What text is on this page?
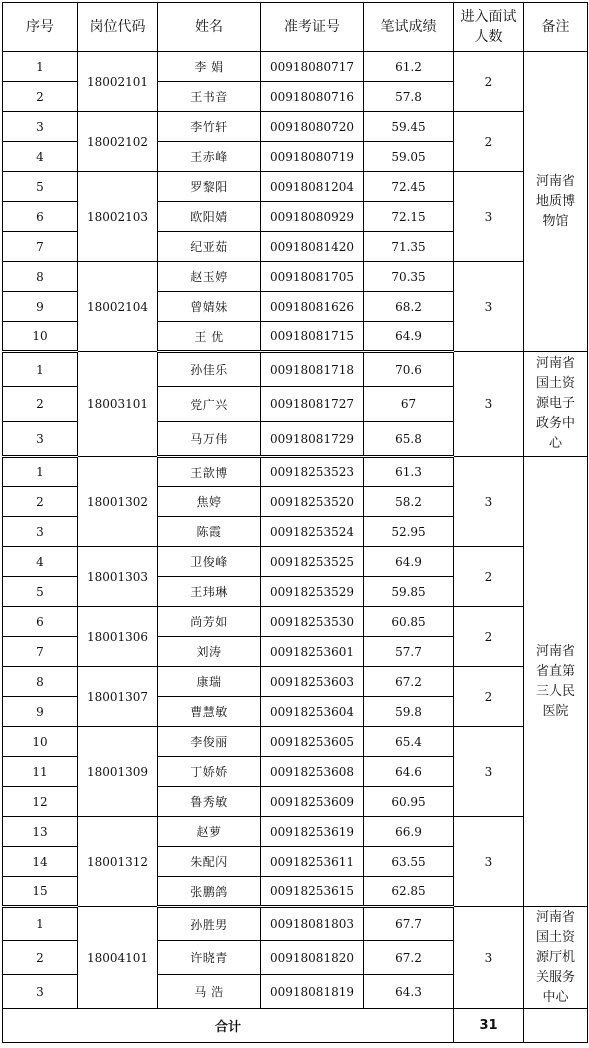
序号	岗位代码	姓名	准考证号	笔试成绩	进入面试人数	备注
1	18002101	李 娟	00918080717	61.2	2	河南省地质博物馆
2		王书音	00918080716	57.8		
3	18002102	李竹轩	00918080720	59.45	2	
4		王赤峰	00918080719	59.05		
5	18002103	罗黎阳	00918081204	72.45	3	
6		欧阳婧	00918080929	72.15		
7		纪亚茹	00918081420	71.35		
8	18002104	赵玉婷	00918081705	70.35	3	
9		曾婧妹	00918081626	68.2		
10		王 优	00918081715	64.9		
1	18003101	孙佳乐	00918081718	70.6	3	河南省国土资源电子政务中心
2		党广兴	00918081727	67		
3		马万伟	00918081729	65.8		
1	18001302	王歆博	00918253523	61.3	3	河南省省直第三人民医院
2		焦婷	00918253520	58.2		
3		陈霞	00918253524	52.95		
4	18001303	卫俊峰	00918253525	64.9	2	
5		王玮琳	00918253529	59.85		
6	18001306	尚芳如	00918253530	60.85	2	
7		刘涛	00918253601	57.7		
8	18001307	康瑞	00918253603	67.2	2	
9		曹慧敏	00918253604	59.8		
10	18001309	李俊丽	00918253605	65.4	3	
11		丁娇娇	00918253608	64.6		
12		鲁秀敏	00918253609	60.95		
13	18001312	赵萝	00918253619	66.9	3	
14		朱配闪	00918253611	63.55		
15		张鹏鸽	00918253615	62.85		
1	18004101	孙胜男	00918081803	67.7	3	河南省国土资源厅机关服务中心
2		许晓青	00918081820	67.2		
3		马 浩	00918081819	64.3		
合计					31	
